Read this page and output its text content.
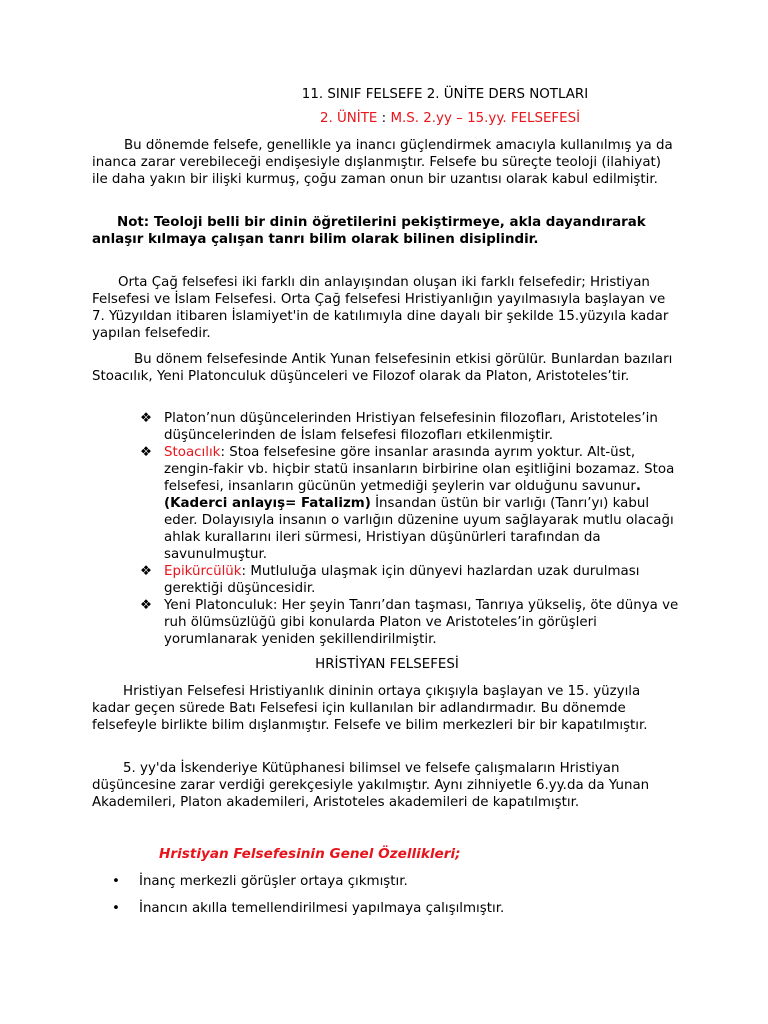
11. SINIF FELSEFE 2. ÜNİTE DERS NOTLARI
2. ÜNİTE : M.S. 2.yy – 15.yy. FELSEFESİ

Bu dönemde felsefe, genellikle ya inancı güçlendirmek amacıyla kullanılmış ya da inanca zarar verebileceği endişesiyle dışlanmıştır. Felsefe bu süreçte teoloji (ilahiyat) ile daha yakın bir ilişki kurmuş, çoğu zaman onun bir uzantısı olarak kabul edilmiştir.

Not: Teoloji belli bir dinin öğretilerini pekiştirmeye, akla dayandırarak anlaşır kılmaya çalışan tanrı bilim olarak bilinen disiplindir.

Orta Çağ felsefesi iki farklı din anlayışından oluşan iki farklı felsefedir; Hristiyan Felsefesi ve İslam Felsefesi. Orta Çağ felsefesi Hristiyanlığın yayılmasıyla başlayan ve 7. Yüzyıldan itibaren İslamiyet'in de katılımıyla dine dayalı bir şekilde 15.yüzyıla kadar yapılan felsefedir.

Bu dönem felsefesinde Antik Yunan felsefesinin etkisi görülür. Bunlardan bazıları Stoacılık, Yeni Platonculuk düşünceleri ve Filozof olarak da Platon, Aristoteles’tir.

❖ Platon’nun düşüncelerinden Hristiyan felsefesinin filozofları, Aristoteles’in düşüncelerinden de İslam felsefesi filozofları etkilenmiştir.
❖ Stoacılık: Stoa felsefesine göre insanlar arasında ayrım yoktur. Alt-üst, zengin-fakir vb. hiçbir statü insanların birbirine olan eşitliğini bozamaz. Stoa felsefesi, insanların gücünün yetmediği şeylerin var olduğunu savunur. (Kaderci anlayış= Fatalizm) İnsandan üstün bir varlığı (Tanrı’yı) kabul eder. Dolayısıyla insanın o varlığın düzenine uyum sağlayarak mutlu olacağı ahlak kurallarını ileri sürmesi, Hristiyan düşünürleri tarafından da savunulmuştur.
❖ Epikürcülük: Mutluluğa ulaşmak için dünyevi hazlardan uzak durulması gerektiği düşüncesidir.
❖ Yeni Platonculuk: Her şeyin Tanrı’dan taşması, Tanrıya yükseliş, öte dünya ve ruh ölümsüzlüğü gibi konularda Platon ve Aristoteles’in görüşleri yorumlanarak yeniden şekillendirilmiştir.
HRİSTİYAN FELSEFESİ

Hristiyan Felsefesi Hristiyanlık dininin ortaya çıkışıyla başlayan ve 15. yüzyıla kadar geçen sürede Batı Felsefesi için kullanılan bir adlandırmadır. Bu dönemde felsefeyle birlikte bilim dışlanmıştır. Felsefe ve bilim merkezleri bir bir kapatılmıştır.

5. yy'da İskenderiye Kütüphanesi bilimsel ve felsefe çalışmaların Hristiyan düşüncesine zarar verdiği gerekçesiyle yakılmıştır. Aynı zihniyetle 6.yy.da da Yunan Akademileri, Platon akademileri, Aristoteles akademileri de kapatılmıştır.

Hristiyan Felsefesinin Genel Özellikleri;
• İnanç merkezli görüşler ortaya çıkmıştır.
• İnancın akılla temellendirilmesi yapılmaya çalışılmıştır.
